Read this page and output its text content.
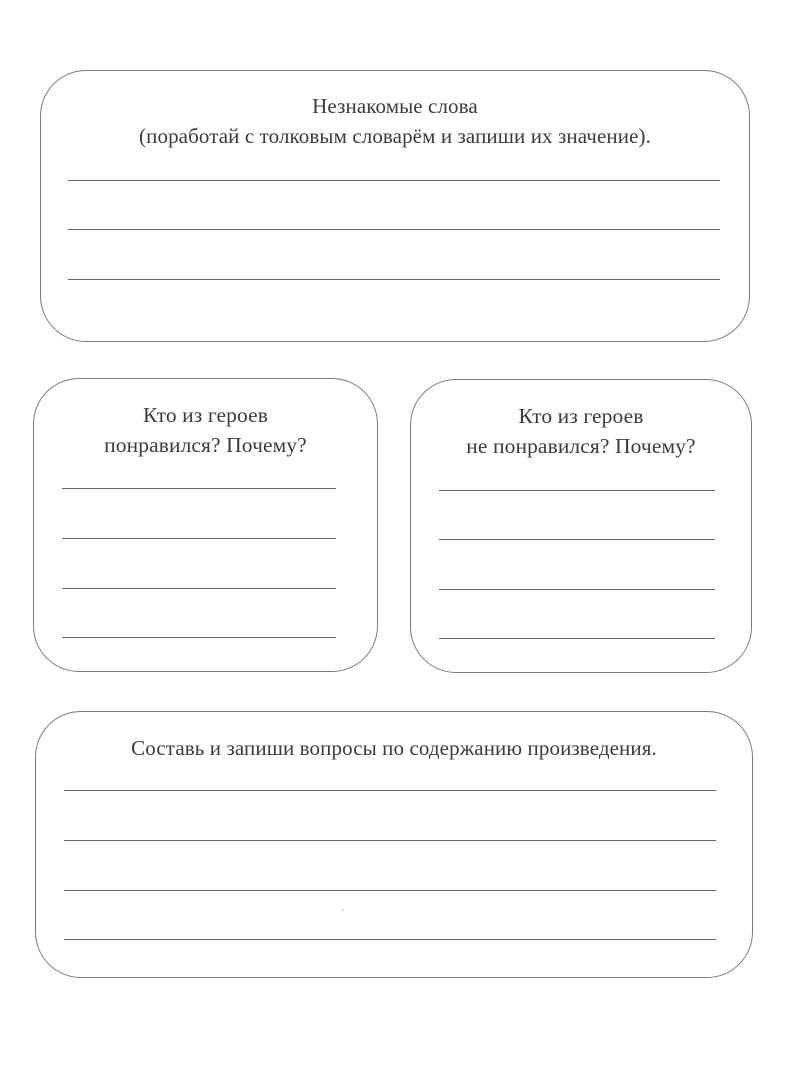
Незнакомые слова
(поработай с толковым словарём и запиши их значение).
Кто из героев
понравился? Почему?
Кто из героев
не понравился? Почему?
Составь и запиши вопросы по содержанию произведения.
